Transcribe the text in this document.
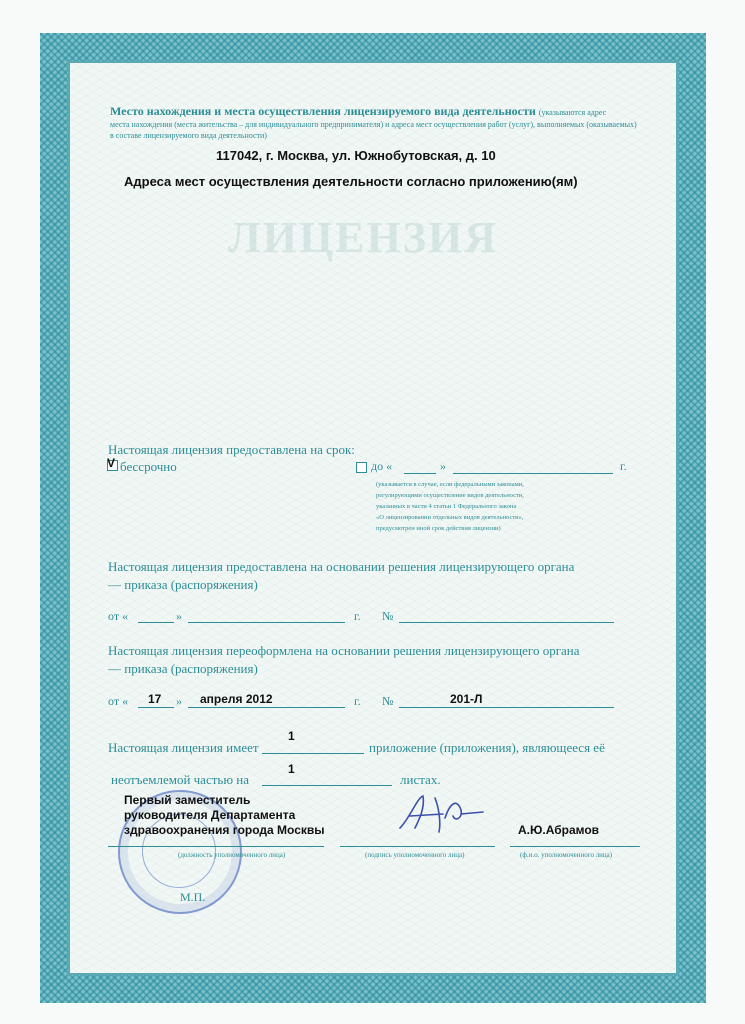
ЛИЦЕНЗИЯ
Место нахождения и места осуществления лицензируемого вида деятельности (указываются адрес
места нахождения (места жительства – для индивидуального предпринимателя) и адреса мест осуществления работ (услуг), выполняемых (оказываемых)
в составе лицензируемого вида деятельности)
117042, г. Москва, ул. Южнобутовская, д. 10
Адреса мест осуществления деятельности согласно приложению(ям)
Настоящая лицензия предоставлена на срок:
V бессрочно	до «	»	г.
(указывается в случае, если федеральными законами,
регулирующими осуществление видов деятельности,
указанных в части 4 статьи 1 Федерального закона
«О лицензировании отдельных видов деятельности»,
предусмотрен иной срок действия лицензии)
Настоящая лицензия предоставлена на основании решения лицензирующего органа
— приказа (распоряжения)
от «	»	г. №
Настоящая лицензия переоформлена на основании решения лицензирующего органа
— приказа (распоряжения)
от « 17 » апреля 2012	г. №	201-Л
Настоящая лицензия имеет
1
приложение (приложения), являющееся её
неотъемлемой частью на
1
листах.
Первый заместитель
руководителя Департамента
здравоохранения города Москвы	А.Ю.Абрамов
(должность уполномоченного лица)	(подпись уполномоченного лица)	(ф.и.о. уполномоченного лица)
М.П.
